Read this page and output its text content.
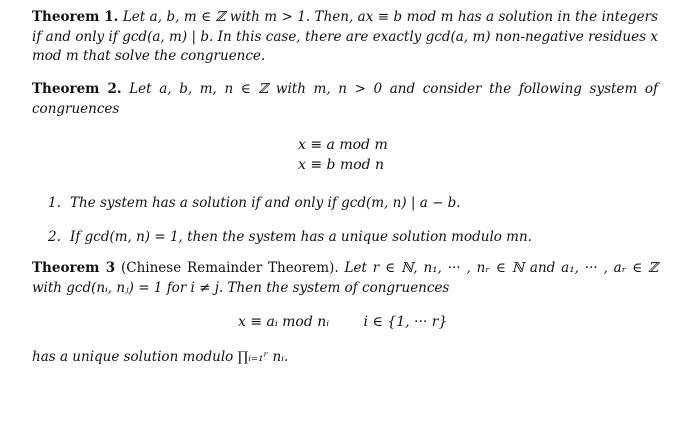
Theorem 1. Let a, b, m ∈ ℤ with m > 1. Then, ax ≡ b mod m has a solution in the integers if and only if gcd(a, m) | b. In this case, there are exactly gcd(a, m) non-negative residues x mod m that solve the congruence.
Theorem 2. Let a, b, m, n ∈ ℤ with m, n > 0 and consider the following system of congruences
x ≡ a mod m
x ≡ b mod n
1. The system has a solution if and only if gcd(m, n) | a − b.
2. If gcd(m, n) = 1, then the system has a unique solution modulo mn.
Theorem 3 (Chinese Remainder Theorem). Let r ∈ ℕ, n₁, ··· , nᵣ ∈ ℕ and a₁, ··· , aᵣ ∈ ℤ with gcd(nᵢ, nⱼ) = 1 for i ≠ j. Then the system of congruences
x ≡ aᵢ mod nᵢ i ∈ {1, ··· r}
has a unique solution modulo ∏ᵢ₌₁ʳ nᵢ.
